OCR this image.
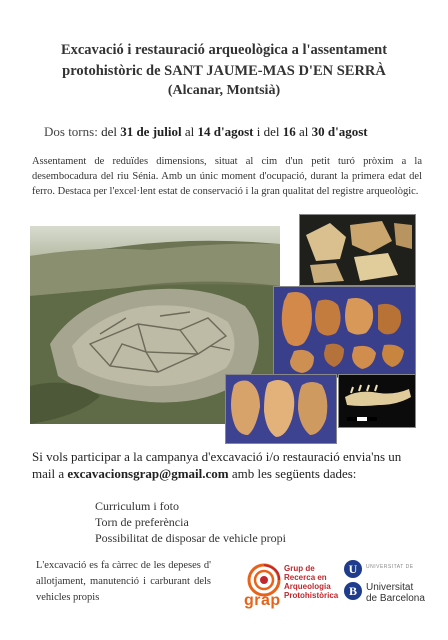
Excavació i restauració arqueològica a l'assentament
protohistòric de SANT JAUME-MAS D'EN SERRÀ
(Alcanar, Montsià)
Dos torns: del 31 de juliol al 14 d'agost i del 16 al 30 d'agost
Assentament de reduïdes dimensions, situat al cim d'un petit turó pròxim a la desembocadura del riu Sénia. Amb un únic moment d'ocupació, durant la primera edat del ferro. Destaca per l'excel·lent estat de conservació i la gran qualitat del registre arqueològic.
Si vols participar a la campanya d'excavació i/o restauració envia'ns un mail a excavacionsgrap@gmail.com amb les següents dades:
Curriculum i foto
Torn de preferència
Possibilitat de disposar de vehicle propi
L'excavació es fa càrrec de les depeses d' allotjament, manutenció i carburant dels vehicles propis	grap
Grup de
Recerca en
Arqueologia
Protohistòrica
U
B
UNIVERSITAT DE
Universitat
de Barcelona
